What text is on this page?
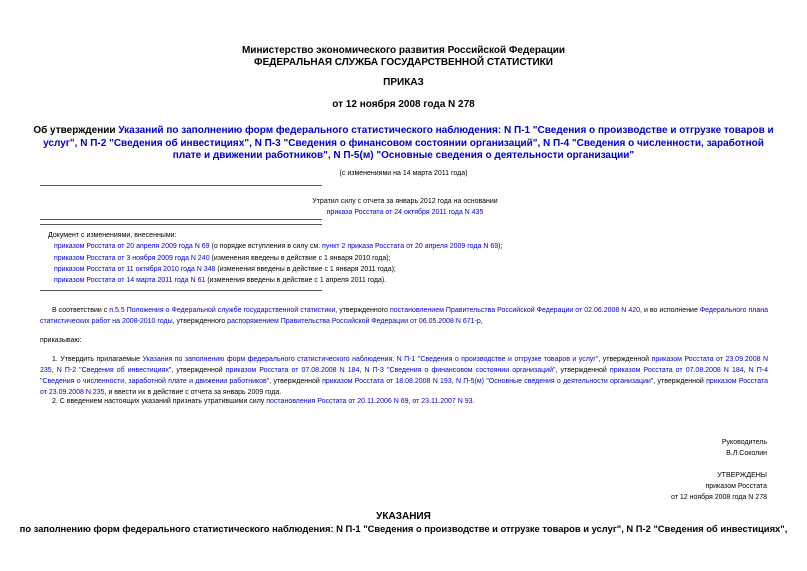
Министерство экономического развития Российской Федерации
ФЕДЕРАЛЬНАЯ СЛУЖБА ГОСУДАРСТВЕННОЙ СТАТИСТИКИ
ПРИКАЗ
от 12 ноября 2008 года N 278
Об утверждении Указаний по заполнению форм федерального статистического наблюдения: N П-1 "Сведения о производстве и отгрузке товаров и услуг", N П-2 "Сведения об инвестициях", N П-3 "Сведения о финансовом состоянии организаций", N П-4 "Сведения о численности, заработной плате и движении работников", N П-5(м) "Основные сведения о деятельности организации"
(с изменениями на 14 марта 2011 года)
Утратил силу с отчета за январь 2012 года на основании
приказа Росстата от 24 октября 2011 года N 435
Документ с изменениями, внесенными:
приказом Росстата от 20 апреля 2009 года N 69 (о порядке вступления в силу см. пункт 2 приказа Росстата от 20 апреля 2009 года N 69);
приказом Росстата от 3 ноября 2009 года N 240 (изменения введены в действие с 1 января 2010 года);
приказом Росстата от 11 октября 2010 года N 348 (изменения введены в действие с 1 января 2011 года);
приказом Росстата от 14 марта 2011 года N 61 (изменения введены в действие с 1 апреля 2011 года).
В соответствии с п.5.5 Положения о Федеральной службе государственной статистики, утвержденного постановлением Правительства Российской Федерации от 02.06.2008 N 420, и во исполнение Федерального плана статистических работ на 2008-2010 годы, утвержденного распоряжением Правительства Российской Федерации от 06.05.2008 N 671-р,
приказываю:
1. Утвердить прилагаемые Указания по заполнению форм федерального статистического наблюдения: N П-1 "Сведения о производстве и отгрузке товаров и услуг", утвержденной приказом Росстата от 23.09.2008 N 235, N П-2 "Сведения об инвестициях", утвержденной приказом Росстата от 07.08.2008 N 184, N П-3 "Сведения о финансовом состоянии организаций", утвержденной приказом Росстата от 07.08.2008 N 184, N П-4 "Сведения о численности, заработной плате и движении работников", утвержденной приказом Росстата от 18.08.2008 N 193, N П-5(м) "Основные сведения о деятельности организации", утвержденной приказом Росстата от 23.09.2008 N 235, и ввести их в действие с отчета за январь 2009 года.
2. С введением настоящих указаний признать утратившими силу постановления Росстата от 20.11.2006 N 69, от 23.11.2007 N 93.
Руководитель
В.Л.Соколин
УТВЕРЖДЕНЫ
приказом Росстата
от 12 ноября 2008 года N 278
УКАЗАНИЯ
по заполнению форм федерального статистического наблюдения: N П-1 "Сведения о производстве и отгрузке товаров и услуг", N П-2 "Сведения об инвестициях",
